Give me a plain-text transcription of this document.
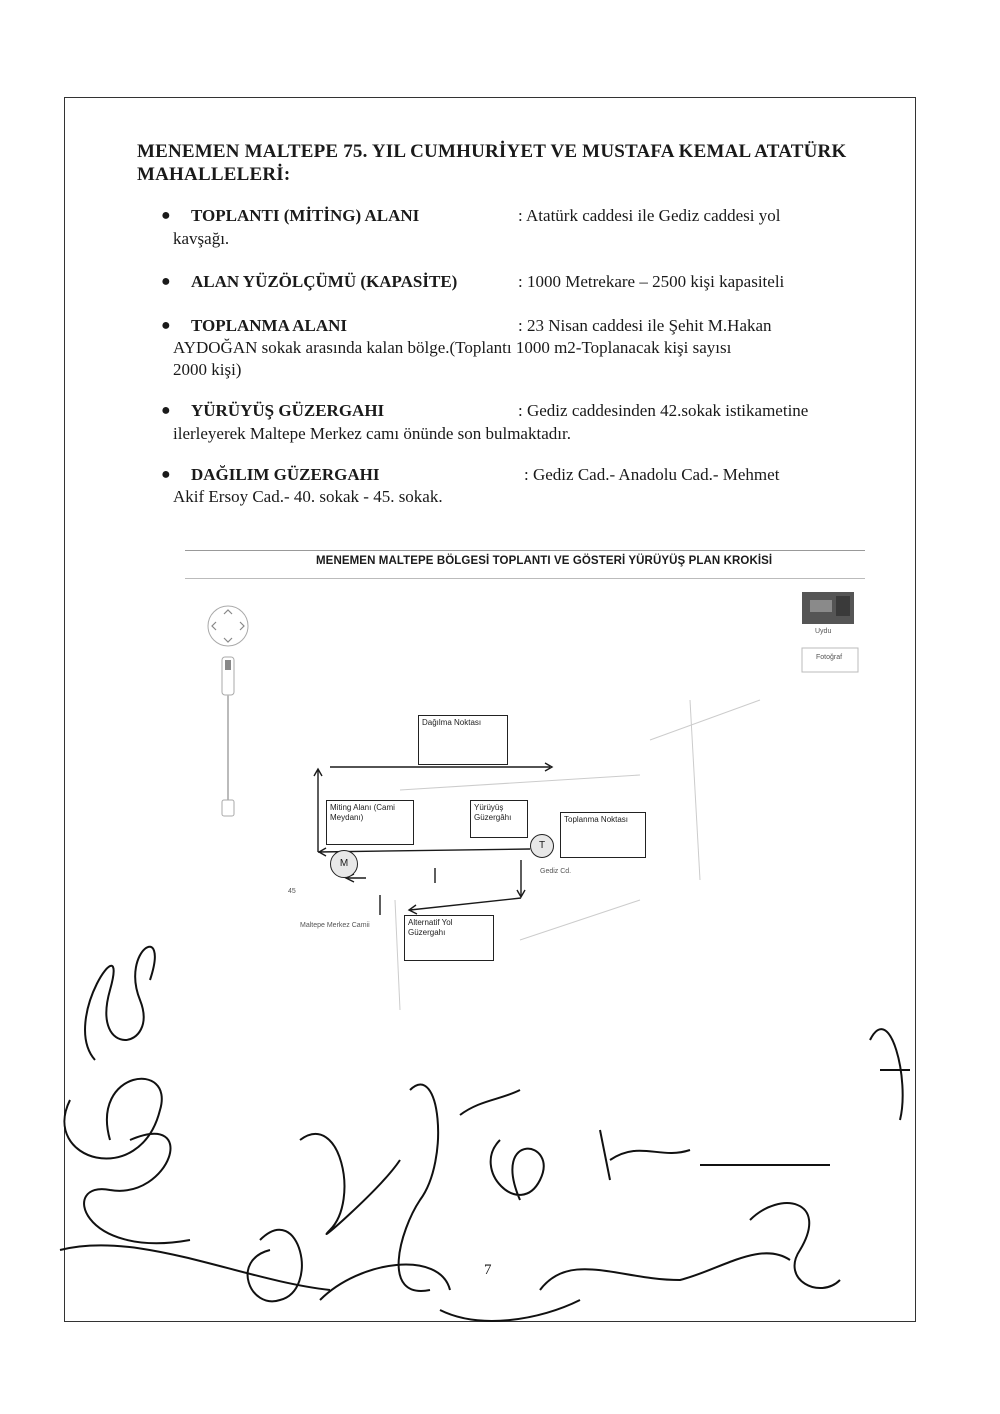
MENEMEN MALTEPE 75. YIL CUMHURİYET VE MUSTAFA KEMAL ATATÜRK MAHALLELERİ:
● TOPLANTI (MİTİNG) ALANI	: Atatürk caddesi ile Gediz caddesi yol
kavşağı.
● ALAN YÜZÖLÇÜMÜ (KAPASİTE)	: 1000 Metrekare – 2500 kişi kapasiteli
● TOPLANMA ALANI	: 23 Nisan caddesi ile Şehit M.Hakan
AYDOĞAN sokak arasında kalan bölge.(Toplantı 1000 m2-Toplanacak kişi sayısı
2000 kişi)
● YÜRÜYÜŞ GÜZERGAHI	: Gediz caddesinden 42.sokak istikametine
ilerleyerek Maltepe Merkez camı önünde son bulmaktadır.
● DAĞILIM GÜZERGAHI	: Gediz Cad.- Anadolu Cad.- Mehmet
Akif Ersoy Cad.- 40. sokak - 45. sokak.
MENEMEN MALTEPE BÖLGESİ TOPLANTI VE GÖSTERİ YÜRÜYÜŞ PLAN KROKİSİ
Uydu
Fotoğraf
Dağılma Noktası
Miting Alanı (Cami Meydanı)
Yürüyüş Güzergâhı	Toplanma Noktası
Alternatif Yol Güzergahı
M
T
Maltepe Merkez Camii
45
Gediz Cd.
7
